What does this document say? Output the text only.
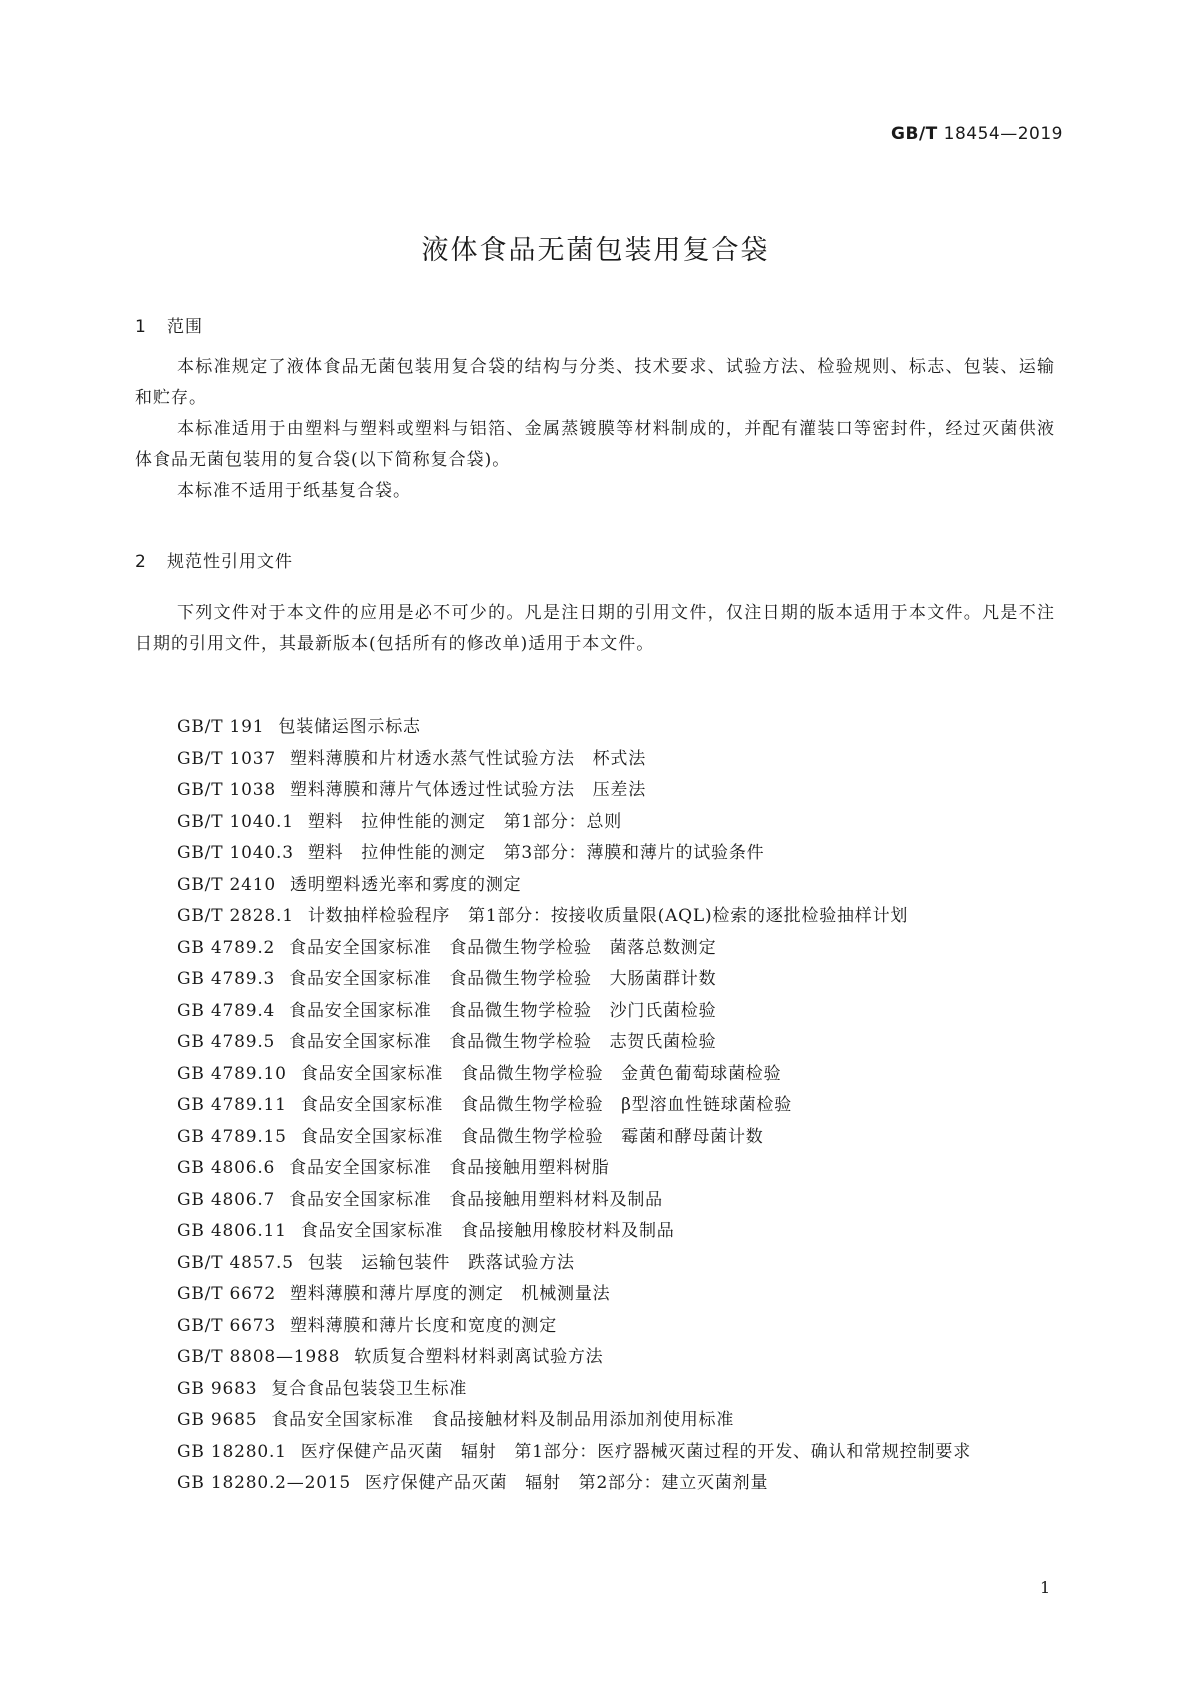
GB/T 18454—2019
液体食品无菌包装用复合袋
1 范围

本标准规定了液体食品无菌包装用复合袋的结构与分类、技术要求、试验方法、检验规则、标志、包装、运输和贮存。

本标准适用于由塑料与塑料或塑料与铝箔、金属蒸镀膜等材料制成的，并配有灌装口等密封件，经过灭菌供液体食品无菌包装用的复合袋(以下简称复合袋)。

本标准不适用于纸基复合袋。

2 规范性引用文件

下列文件对于本文件的应用是必不可少的。凡是注日期的引用文件，仅注日期的版本适用于本文件。凡是不注日期的引用文件，其最新版本(包括所有的修改单)适用于本文件。

GB/T 191 包装储运图示标志
GB/T 1037 塑料薄膜和片材透水蒸气性试验方法　杯式法
GB/T 1038 塑料薄膜和薄片气体透过性试验方法　压差法
GB/T 1040.1 塑料　拉伸性能的测定　第1部分：总则
GB/T 1040.3 塑料　拉伸性能的测定　第3部分：薄膜和薄片的试验条件
GB/T 2410 透明塑料透光率和雾度的测定
GB/T 2828.1 计数抽样检验程序　第1部分：按接收质量限(AQL)检索的逐批检验抽样计划
GB 4789.2 食品安全国家标准　食品微生物学检验　菌落总数测定
GB 4789.3 食品安全国家标准　食品微生物学检验　大肠菌群计数
GB 4789.4 食品安全国家标准　食品微生物学检验　沙门氏菌检验
GB 4789.5 食品安全国家标准　食品微生物学检验　志贺氏菌检验
GB 4789.10 食品安全国家标准　食品微生物学检验　金黄色葡萄球菌检验
GB 4789.11 食品安全国家标准　食品微生物学检验　β型溶血性链球菌检验
GB 4789.15 食品安全国家标准　食品微生物学检验　霉菌和酵母菌计数
GB 4806.6 食品安全国家标准　食品接触用塑料树脂
GB 4806.7 食品安全国家标准　食品接触用塑料材料及制品
GB 4806.11 食品安全国家标准　食品接触用橡胶材料及制品
GB/T 4857.5 包装　运输包装件　跌落试验方法
GB/T 6672 塑料薄膜和薄片厚度的测定　机械测量法
GB/T 6673 塑料薄膜和薄片长度和宽度的测定
GB/T 8808—1988 软质复合塑料材料剥离试验方法
GB 9683 复合食品包装袋卫生标准
GB 9685 食品安全国家标准　食品接触材料及制品用添加剂使用标准
GB 18280.1 医疗保健产品灭菌　辐射　第1部分：医疗器械灭菌过程的开发、确认和常规控制要求
GB 18280.2—2015 医疗保健产品灭菌　辐射　第2部分：建立灭菌剂量
1
